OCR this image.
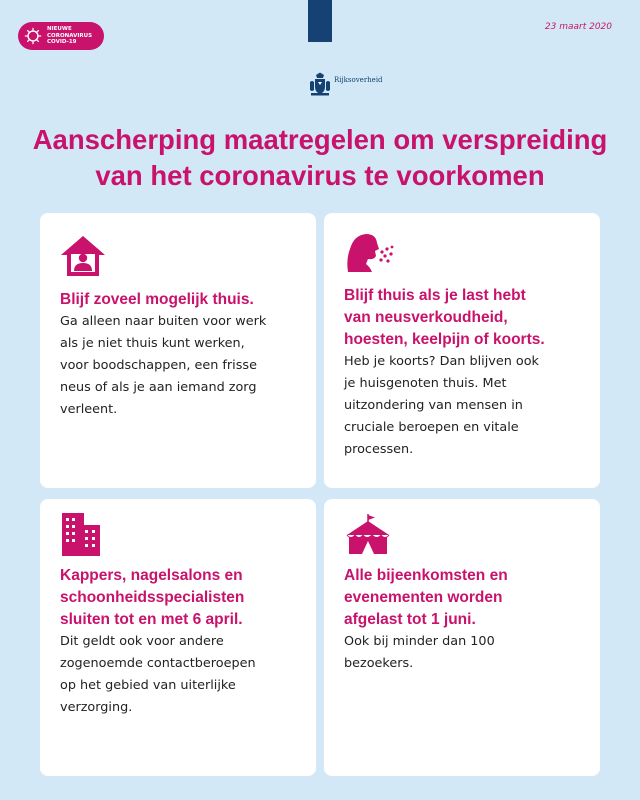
NIEUWE
CORONAVIRUS
COVID-19
23 maart 2020
Rijksoverheid
Aanscherping maatregelen om verspreiding
van het coronavirus te voorkomen
Blijf zoveel mogelijk thuis.
Ga alleen naar buiten voor werk
als je niet thuis kunt werken,
voor boodschappen, een frisse
neus of als je aan iemand zorg
verleent.
Blijf thuis als je last hebt
van neusverkoudheid,
hoesten, keelpijn of koorts.
Heb je koorts? Dan blijven ook
je huisgenoten thuis. Met
uitzondering van mensen in
cruciale beroepen en vitale
processen.
Kappers, nagelsalons en
schoonheidsspecialisten
sluiten tot en met 6 april.
Dit geldt ook voor andere
zogenoemde contactberoepen
op het gebied van uiterlijke
verzorging.
Alle bijeenkomsten en
evenementen worden
afgelast tot 1 juni.
Ook bij minder dan 100
bezoekers.
